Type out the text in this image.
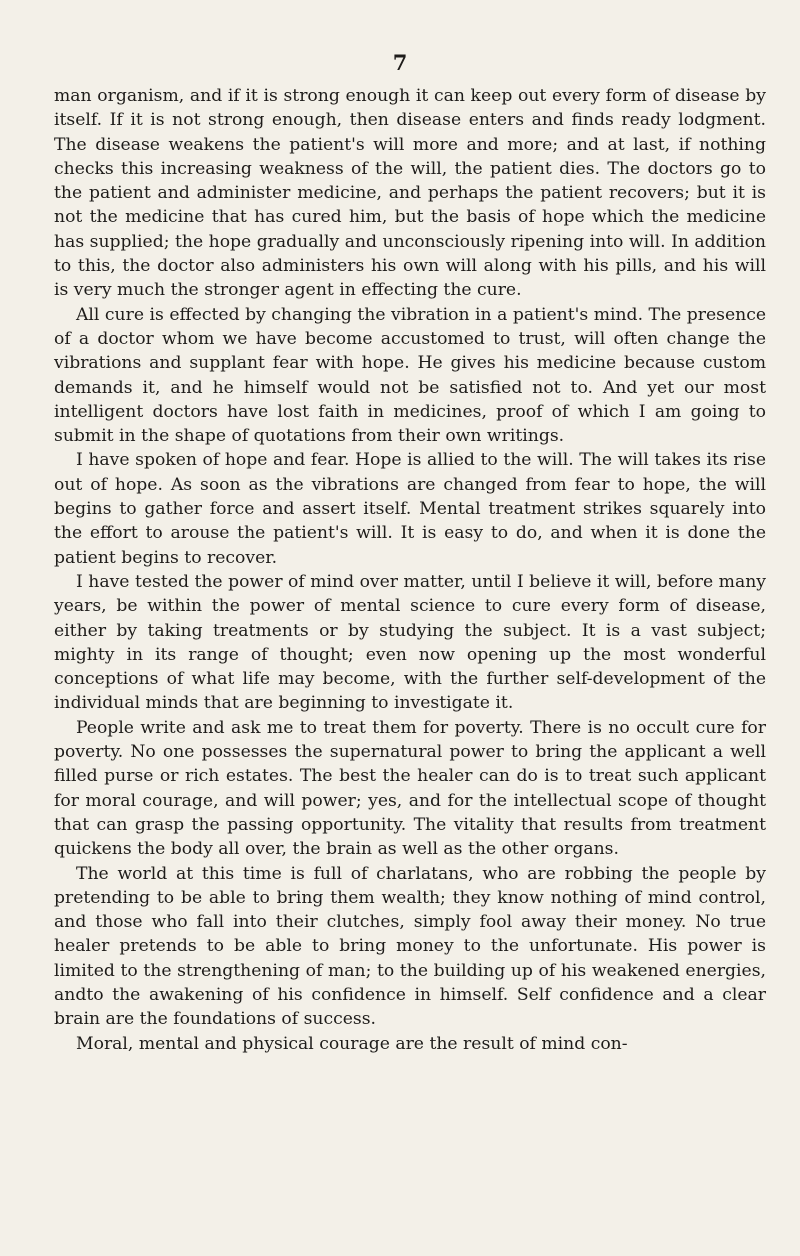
7

man organism, and if it is strong enough it can keep out every form of disease by itself. If it is not strong enough, then disease enters and finds ready lodgment. The disease weakens the patient's will more and more; and at last, if nothing checks this increasing weakness of the will, the patient dies. The doctors go to the patient and administer medicine, and perhaps the patient recovers; but it is not the medicine that has cured him, but the basis of hope which the medicine has supplied; the hope gradually and unconsciously ripening into will. In addition to this, the doctor also administers his own will along with his pills, and his will is very much the stronger agent in effecting the cure.

All cure is effected by changing the vibration in a patient's mind. The presence of a doctor whom we have become accustomed to trust, will often change the vibrations and supplant fear with hope. He gives his medicine because custom demands it, and he himself would not be satisfied not to. And yet our most intelligent doctors have lost faith in medicines, proof of which I am going to submit in the shape of quotations from their own writings.

I have spoken of hope and fear. Hope is allied to the will. The will takes its rise out of hope. As soon as the vibrations are changed from fear to hope, the will begins to gather force and assert itself. Mental treatment strikes squarely into the effort to arouse the patient's will. It is easy to do, and when it is done the patient begins to recover.

I have tested the power of mind over matter, until I believe it will, before many years, be within the power of mental science to cure every form of disease, either by taking treatments or by studying the subject. It is a vast subject; mighty in its range of thought; even now opening up the most wonderful conceptions of what life may become, with the further self-development of the individual minds that are beginning to investigate it.

People write and ask me to treat them for poverty. There is no occult cure for poverty. No one possesses the supernatural power to bring the applicant a well filled purse or rich estates. The best the healer can do is to treat such applicant for moral courage, and will power; yes, and for the intellectual scope of thought that can grasp the passing opportunity. The vitality that results from treatment quickens the body all over, the brain as well as the other organs.

The world at this time is full of charlatans, who are robbing the people by pretending to be able to bring them wealth; they know nothing of mind control, and those who fall into their clutches, simply fool away their money. No true healer pretends to be able to bring money to the unfortunate. His power is limited to the strengthening of man; to the building up of his weakened energies, andto the awakening of his confidence in himself. Self confidence and a clear brain are the foundations of success.

Moral, mental and physical courage are the result of mind con-
